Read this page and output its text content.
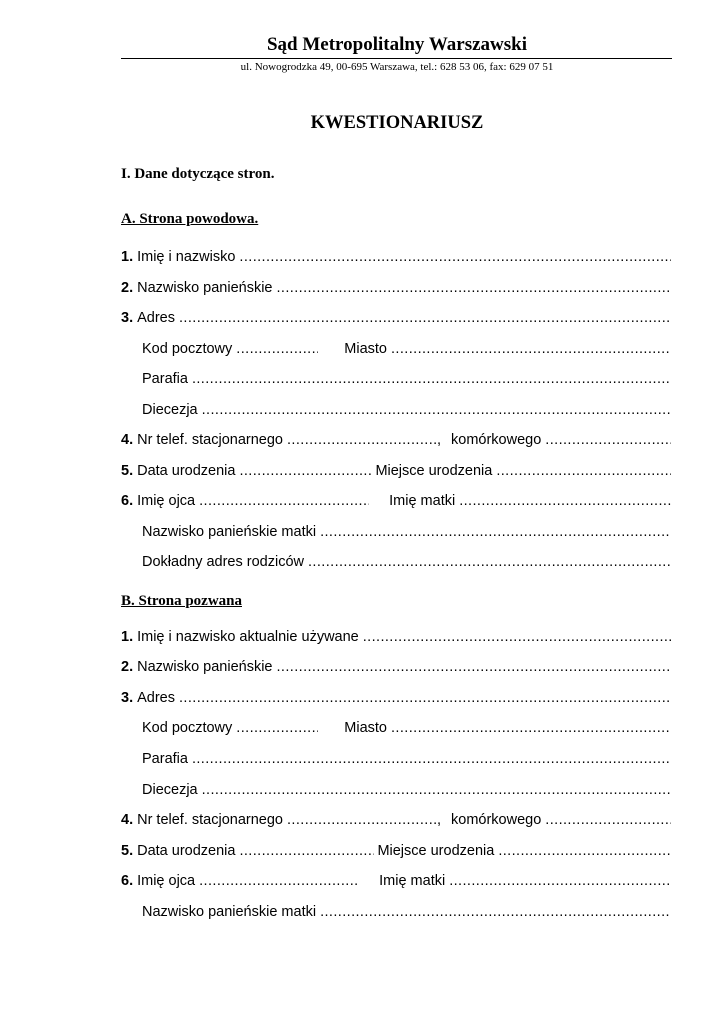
Sąd Metropolitalny Warszawski
ul. Nowogrodzka 49, 00-695 Warszawa, tel.: 628 53 06, fax: 629 07 51
KWESTIONARIUSZ
I. Dane dotyczące stron.
A. Strona powodowa.
1. Imię i nazwisko
.....
2. Nazwisko panieńskie
.....
3. Adres
.....
Kod pocztowy .....	Miasto
.....
Parafia
.....
Diecezja
.....
4. Nr telef. stacjonarnego .....	, komórkowego
.....
5. Data urodzenia .....	Miejsce urodzenia
.....
6. Imię ojca .....	Imię matki
.....
Nazwisko panieńskie matki
.....
Dokładny adres rodziców
.....
B. Strona pozwana
1. Imię i nazwisko aktualnie używane
.....
2. Nazwisko panieńskie
.....
3. Adres
.....
Kod pocztowy .....	Miasto
.....
Parafia
.....
Diecezja
.....
4. Nr telef. stacjonarnego .....	, komórkowego
.....
5. Data urodzenia .....	Miejsce urodzenia
.....
6. Imię ojca .....	Imię matki
.....
Nazwisko panieńskie matki
.....
